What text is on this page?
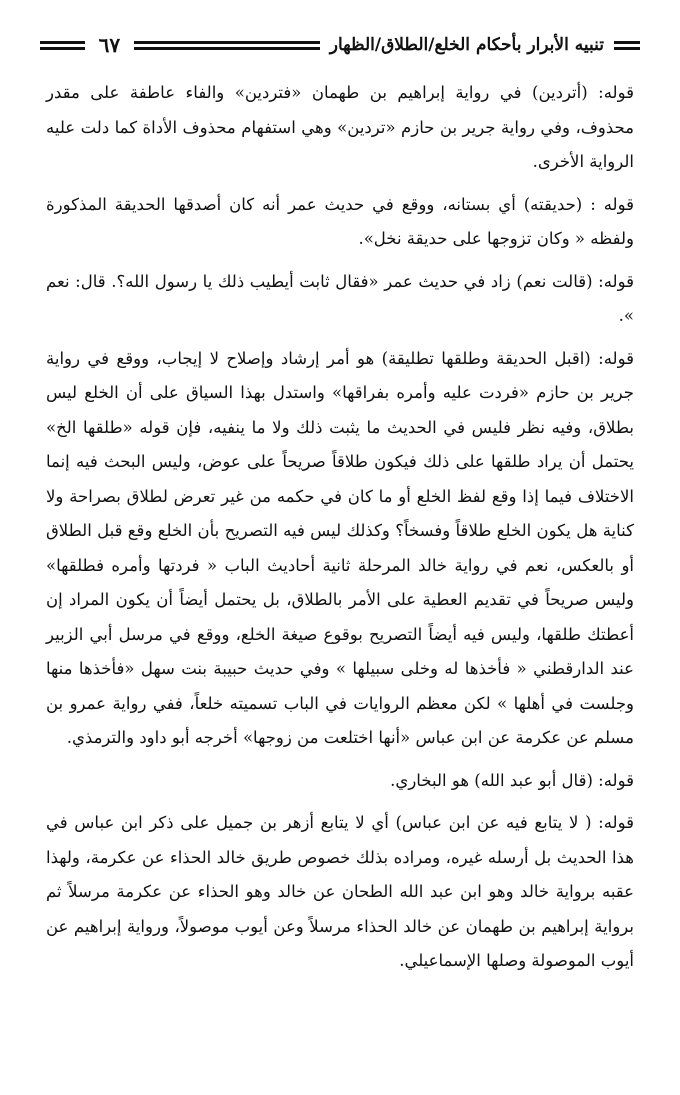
تنبيه الأبرار بأحكام الخلع/الطلاق/الظهار
٦٧

قوله: (أتردين) في رواية إبراهيم بن طهمان «فتردين» والفاء عاطفة على مقدر محذوف، وفي رواية جرير بن حازم «تردين» وهي استفهام محذوف الأداة كما دلت عليه الرواية الأخرى.

قوله : (حديقته) أي بستانه، ووقع في حديث عمر أنه كان أصدقها الحديقة المذكورة ولفظه « وكان تزوجها على حديقة نخل».

قوله: (قالت نعم) زاد في حديث عمر «فقال ثابت أيطيب ذلك يا رسول الله؟. قال: نعم ».

قوله: (اقبل الحديقة وطلقها تطليقة) هو أمر إرشاد وإصلاح لا إيجاب، ووقع في رواية جرير بن حازم «فردت عليه وأمره بفراقها» واستدل بهذا السياق على أن الخلع ليس بطلاق، وفيه نظر فليس في الحديث ما يثبت ذلك ولا ما ينفيه، فإن قوله «طلقها الخ» يحتمل أن يراد طلقها على ذلك فيكون طلاقاً صريحاً على عوض، وليس البحث فيه إنما الاختلاف فيما إذا وقع لفظ الخلع أو ما كان في حكمه من غير تعرض لطلاق بصراحة ولا كناية هل يكون الخلع طلاقاً وفسخاً؟ وكذلك ليس فيه التصريح بأن الخلع وقع قبل الطلاق أو بالعكس، نعم في رواية خالد المرحلة ثانية أحاديث الباب « فردتها وأمره فطلقها» وليس صريحاً في تقديم العطية على الأمر بالطلاق، بل يحتمل أيضاً أن يكون المراد إن أعطتك طلقها، وليس فيه أيضاً التصريح بوقوع صيغة الخلع، ووقع في مرسل أبي الزبير عند الدارقطني « فأخذها له وخلى سبيلها » وفي حديث حبيبة بنت سهل «فأخذها منها وجلست في أهلها » لكن معظم الروايات في الباب تسميته خلعاً، ففي رواية عمرو بن مسلم عن عكرمة عن ابن عباس «أنها اختلعت من زوجها» أخرجه أبو داود والترمذي.

قوله: (قال أبو عبد الله) هو البخاري.

قوله: ( لا يتابع فيه عن ابن عباس) أي لا يتابع أزهر بن جميل على ذكر ابن عباس في هذا الحديث بل أرسله غيره، ومراده بذلك خصوص طريق خالد الحذاء عن عكرمة، ولهذا عقبه برواية خالد وهو ابن عبد الله الطحان عن خالد وهو الحذاء عن عكرمة مرسلاً ثم برواية إبراهيم بن طهمان عن خالد الحذاء مرسلاً وعن أيوب موصولاً، ورواية إبراهيم عن أيوب الموصولة وصلها الإسماعيلي.
